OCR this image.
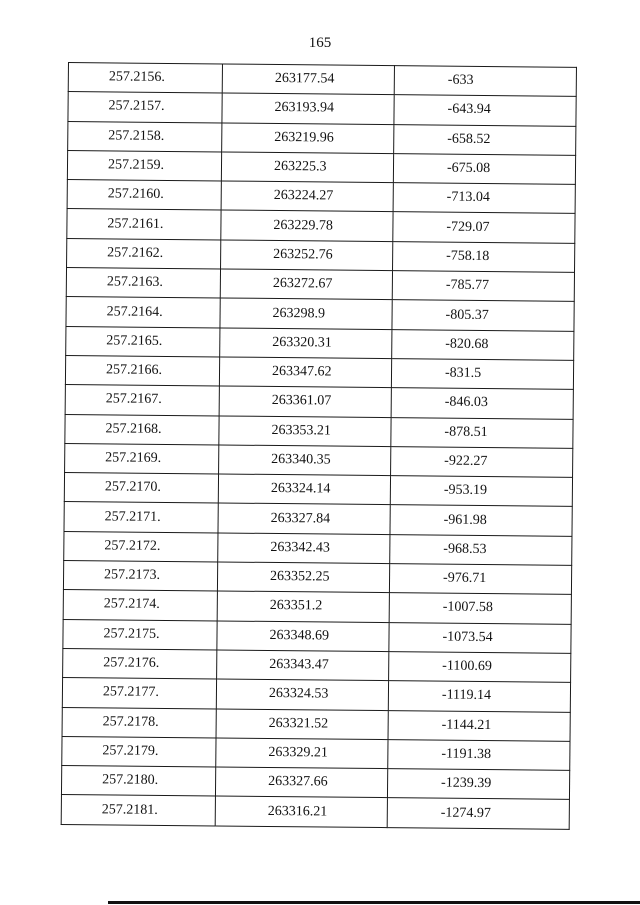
165
257.2156.	263177.54	-633
257.2157.	263193.94	-643.94
257.2158.	263219.96	-658.52
257.2159.	263225.3	-675.08
257.2160.	263224.27	-713.04
257.2161.	263229.78	-729.07
257.2162.	263252.76	-758.18
257.2163.	263272.67	-785.77
257.2164.	263298.9	-805.37
257.2165.	263320.31	-820.68
257.2166.	263347.62	-831.5
257.2167.	263361.07	-846.03
257.2168.	263353.21	-878.51
257.2169.	263340.35	-922.27
257.2170.	263324.14	-953.19
257.2171.	263327.84	-961.98
257.2172.	263342.43	-968.53
257.2173.	263352.25	-976.71
257.2174.	263351.2	-1007.58
257.2175.	263348.69	-1073.54
257.2176.	263343.47	-1100.69
257.2177.	263324.53	-1119.14
257.2178.	263321.52	-1144.21
257.2179.	263329.21	-1191.38
257.2180.	263327.66	-1239.39
257.2181.	263316.21	-1274.97
